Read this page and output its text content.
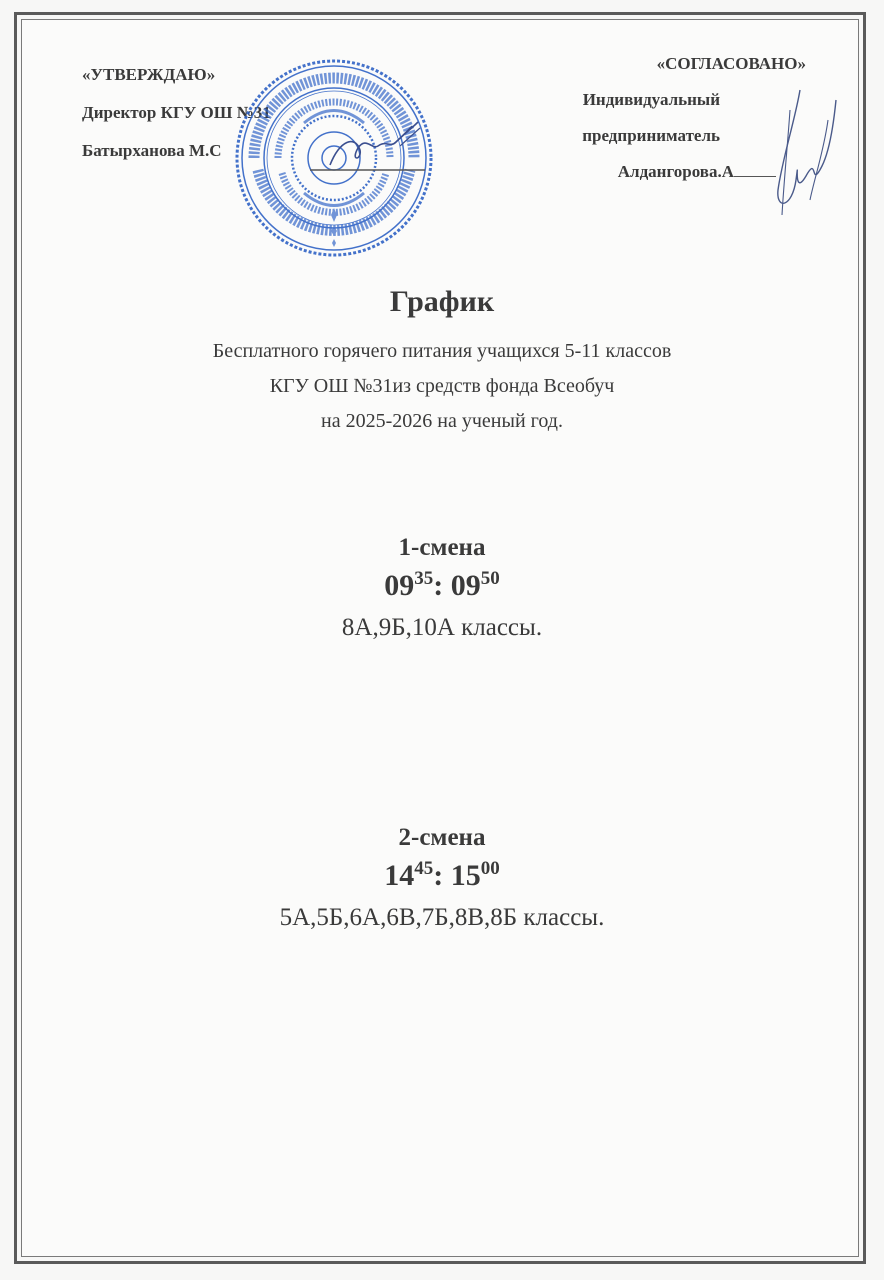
«УТВЕРЖДАЮ»
Директор КГУ ОШ №31
Батырханова М.С
«СОГЛАСОВАНО»
Индивидуальный
предприниматель
Алдангорова.А
График
Бесплатного горячего питания учащихся 5-11 классов
КГУ ОШ №31из средств фонда Всеобуч
на 2025-2026 на ученый год.
1-смена
$09^{35}$: $09^{50}$
8А,9Б,10А классы.
2-смена
$14^{45}$: $15^{00}$
5А,5Б,6А,6В,7Б,8В,8Б классы.
